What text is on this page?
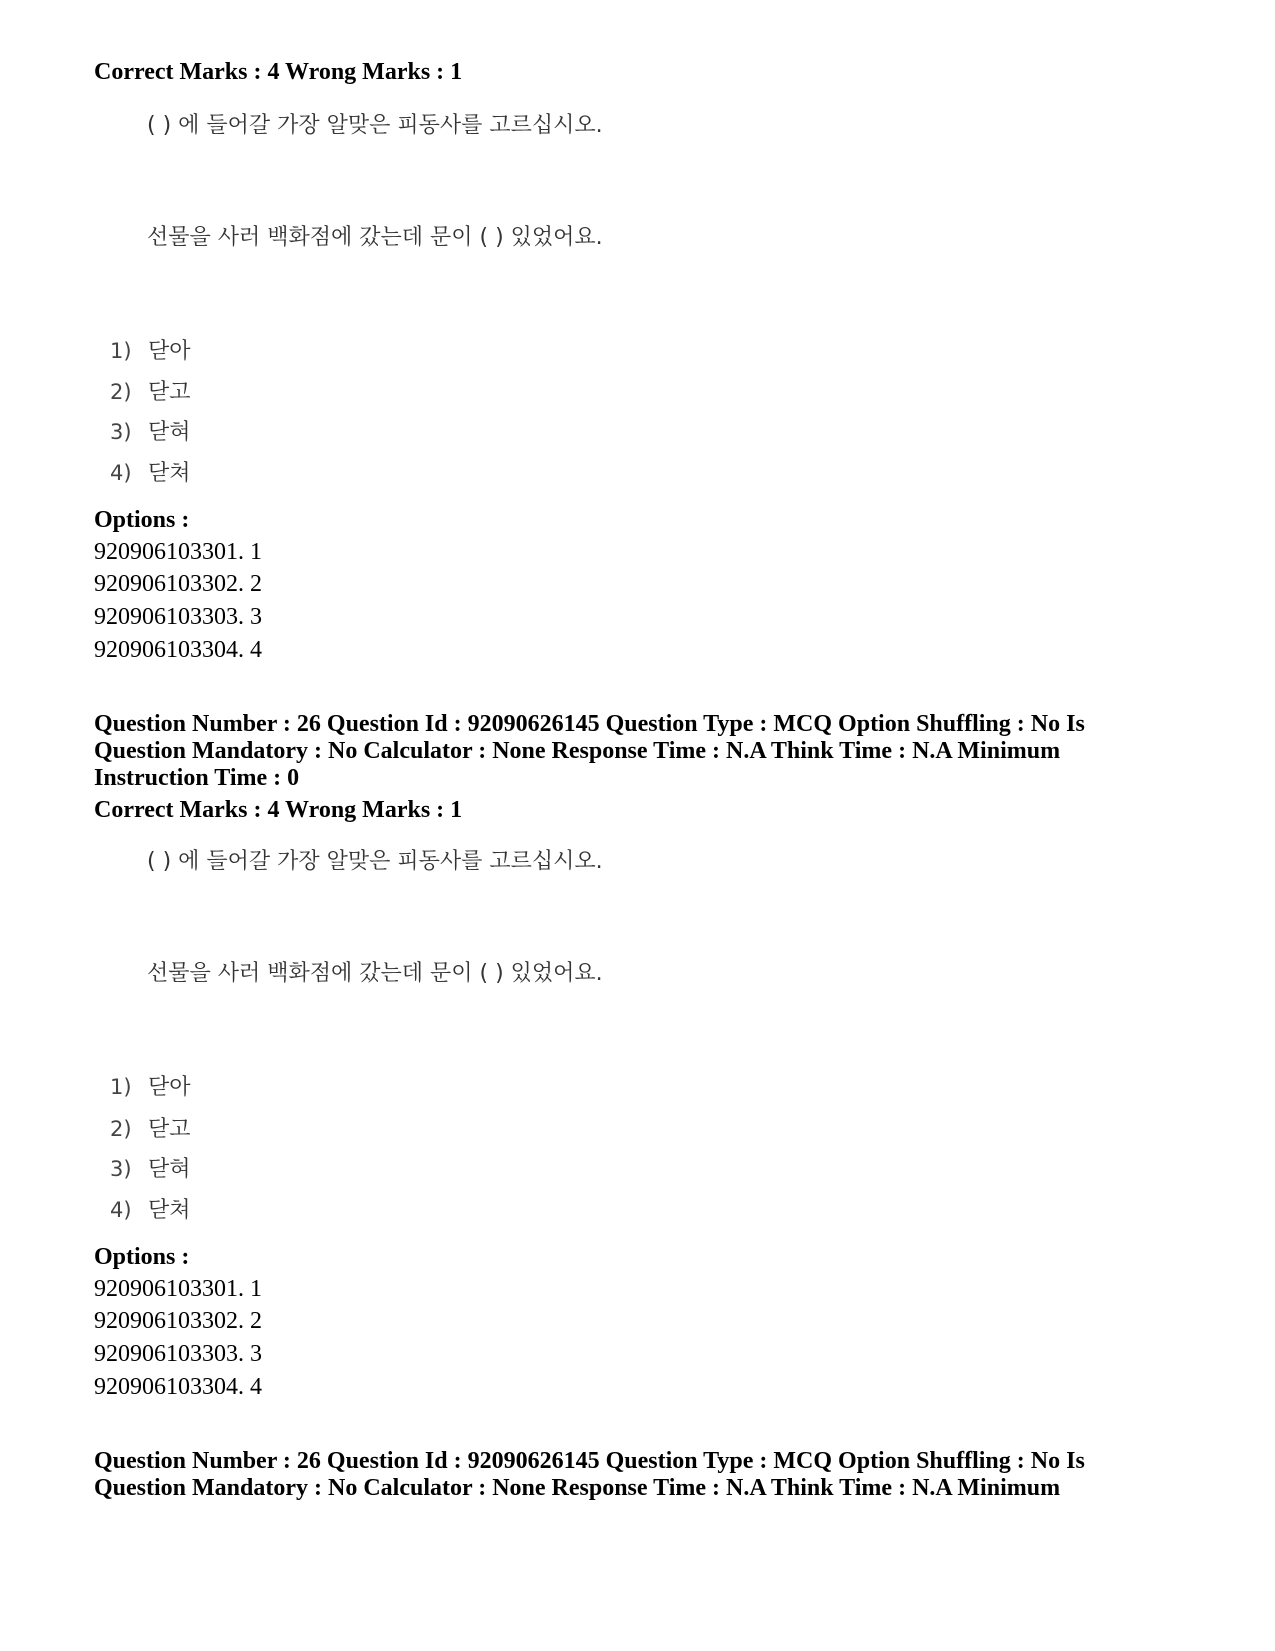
Correct Marks : 4 Wrong Marks : 1
( ) 에 들어갈 가장 알맞은 피동사를 고르십시오.
선물을 사러 백화점에 갔는데 문이 ( ) 있었어요.
1) 닫아
2) 닫고
3) 닫혀
4) 닫쳐
Options :
920906103301. 1
920906103302. 2
920906103303. 3
920906103304. 4
Question Number : 26 Question Id : 92090626145 Question Type : MCQ Option Shuffling : No Is
Question Mandatory : No Calculator : None Response Time : N.A Think Time : N.A Minimum
Instruction Time : 0
Correct Marks : 4 Wrong Marks : 1
( ) 에 들어갈 가장 알맞은 피동사를 고르십시오.
선물을 사러 백화점에 갔는데 문이 ( ) 있었어요.
1) 닫아
2) 닫고
3) 닫혀
4) 닫쳐
Options :
920906103301. 1
920906103302. 2
920906103303. 3
920906103304. 4
Question Number : 26 Question Id : 92090626145 Question Type : MCQ Option Shuffling : No Is
Question Mandatory : No Calculator : None Response Time : N.A Think Time : N.A Minimum
